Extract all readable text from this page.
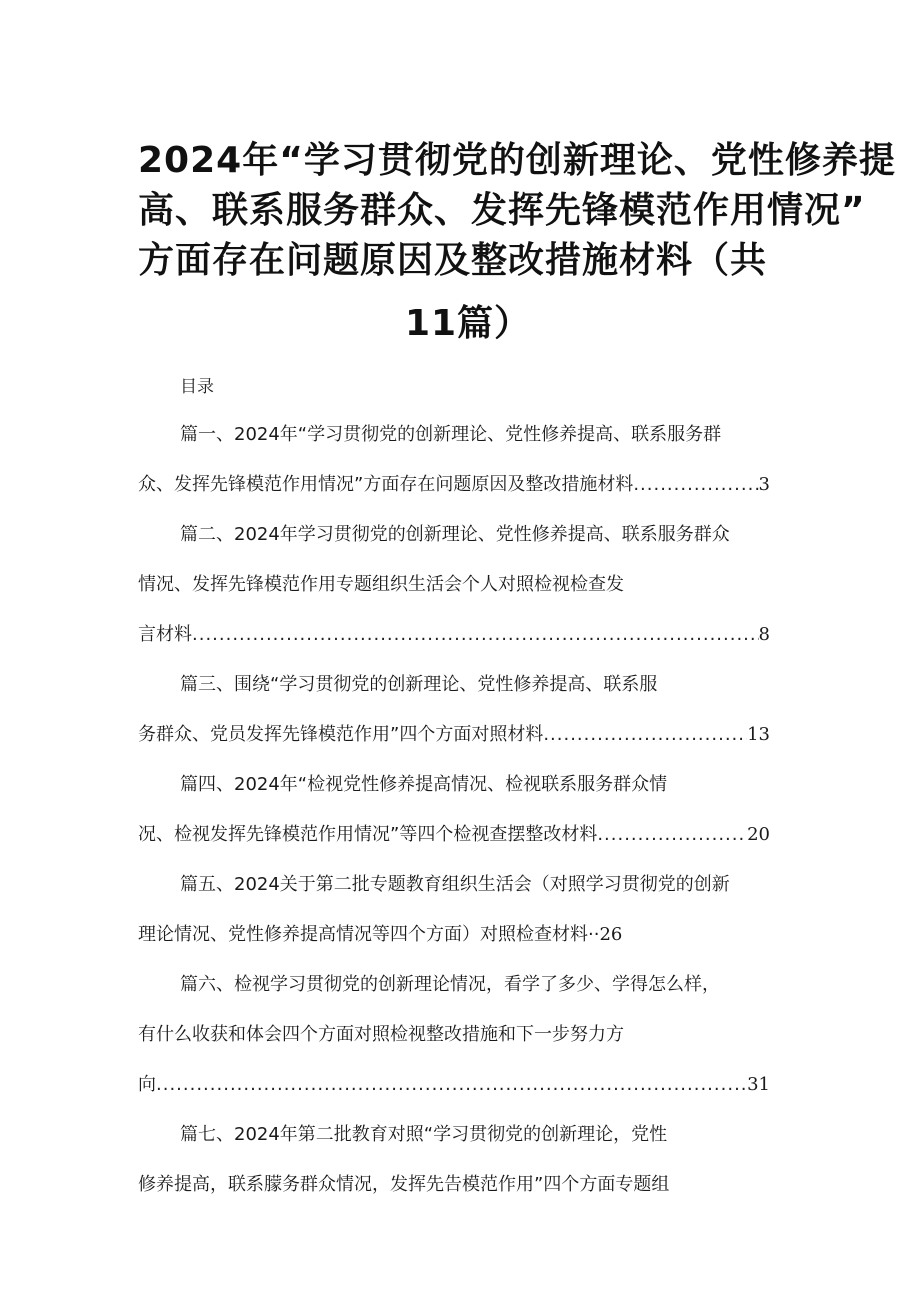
2024年“学习贯彻党的创新理论、党性修养提
高、联系服务群众、发挥先锋模范作用情况”
方面存在问题原因及整改措施材料（共
11篇）
目录
篇一、2024年“学习贯彻党的创新理论、党性修养提高、联系服务群
众、发挥先锋模范作用情况”方面存在问题原因及整改措施材料 .....	3
篇二、2024年学习贯彻党的创新理论、党性修养提高、联系服务群众
情况、发挥先锋模范作用专题组织生活会个人对照检视检查发
言材料 .....	8
篇三、围绕“学习贯彻党的创新理论、党性修养提高、联系服
务群众、党员发挥先锋模范作用”四个方面对照材料 .....	13
篇四、2024年“检视党性修养提高情况、检视联系服务群众情
况、检视发挥先锋模范作用情况”等四个检视查摆整改材料 .....	20
篇五、2024关于第二批专题教育组织生活会（对照学习贯彻党的创新
理论情况、党性修养提高情况等四个方面）对照检查材料 ·· 26
篇六、检视学习贯彻党的创新理论情况，看学了多少、学得怎么样，
有什么收获和体会四个方面对照检视整改措施和下一步努力方
向 .....	31
篇七、2024年第二批教育对照“学习贯彻党的创新理论，党性
修养提高，联系朦务群众情况，发挥先告模范作用”四个方面专题组
